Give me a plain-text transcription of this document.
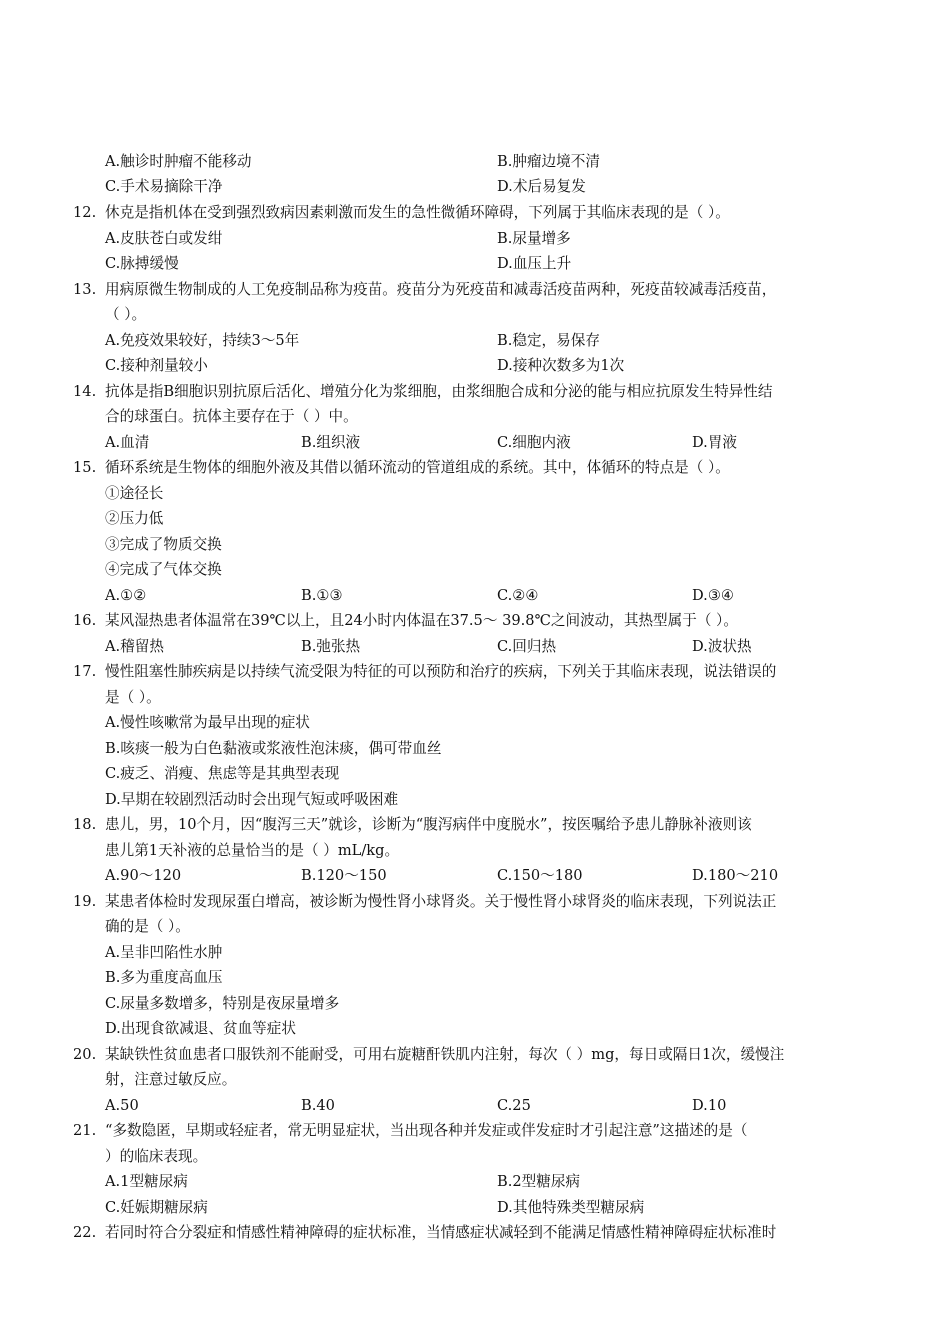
A.触诊时肿瘤不能移动	B.肿瘤边境不清
C.手术易摘除干净	D.术后易复发
12. 休克是指机体在受到强烈致病因素刺激而发生的急性微循环障碍，下列属于其临床表现的是（ ）。
A.皮肤苍白或发绀	B.尿量增多
C.脉搏缓慢	D.血压上升
13. 用病原微生物制成的人工免疫制品称为疫苗。疫苗分为死疫苗和减毒活疫苗两种，死疫苗较减毒活疫苗，
（ ）。
A.免疫效果较好，持续3～5年	B.稳定，易保存
C.接种剂量较小	D.接种次数多为1次
14. 抗体是指B细胞识别抗原后活化、增殖分化为浆细胞，由浆细胞合成和分泌的能与相应抗原发生特异性结
合的球蛋白。抗体主要存在于（ ）中。
A.血清	B.组织液	C.细胞内液	D.胃液
15. 循环系统是生物体的细胞外液及其借以循环流动的管道组成的系统。其中，体循环的特点是（ ）。
①途径长
②压力低
③完成了物质交换
④完成了气体交换
A.①②	B.①③	C.②④	D.③④
16. 某风湿热患者体温常在39℃以上，且24小时内体温在37.5～ 39.8℃之间波动，其热型属于（ ）。
A.稽留热	B.弛张热	C.回归热	D.波状热
17. 慢性阻塞性肺疾病是以持续气流受限为特征的可以预防和治疗的疾病，下列关于其临床表现，说法错误的
是（ ）。
A.慢性咳嗽常为最早出现的症状
B.咳痰一般为白色黏液或浆液性泡沫痰，偶可带血丝
C.疲乏、消瘦、焦虑等是其典型表现
D.早期在较剧烈活动时会出现气短或呼吸困难
18. 患儿，男，10个月，因“腹泻三天”就诊，诊断为“腹泻病伴中度脱水”，按医嘱给予患儿静脉补液则该
患儿第1天补液的总量恰当的是（ ）mL/kg。
A.90～120	B.120～150	C.150～180	D.180～210
19. 某患者体检时发现尿蛋白增高，被诊断为慢性肾小球肾炎。关于慢性肾小球肾炎的临床表现，下列说法正
确的是（ ）。
A.呈非凹陷性水肿
B.多为重度高血压
C.尿量多数增多，特别是夜尿量增多
D.出现食欲减退、贫血等症状
20. 某缺铁性贫血患者口服铁剂不能耐受，可用右旋糖酐铁肌内注射，每次（ ）mg，每日或隔日1次，缓慢注
射，注意过敏反应。
A.50	B.40	C.25	D.10
21. “多数隐匿，早期或轻症者，常无明显症状，当出现各种并发症或伴发症时才引起注意”这描述的是（
）的临床表现。
A.1型糖尿病	B.2型糖尿病
C.妊娠期糖尿病	D.其他特殊类型糖尿病
22. 若同时符合分裂症和情感性精神障碍的症状标准，当情感症状减轻到不能满足情感性精神障碍症状标准时
